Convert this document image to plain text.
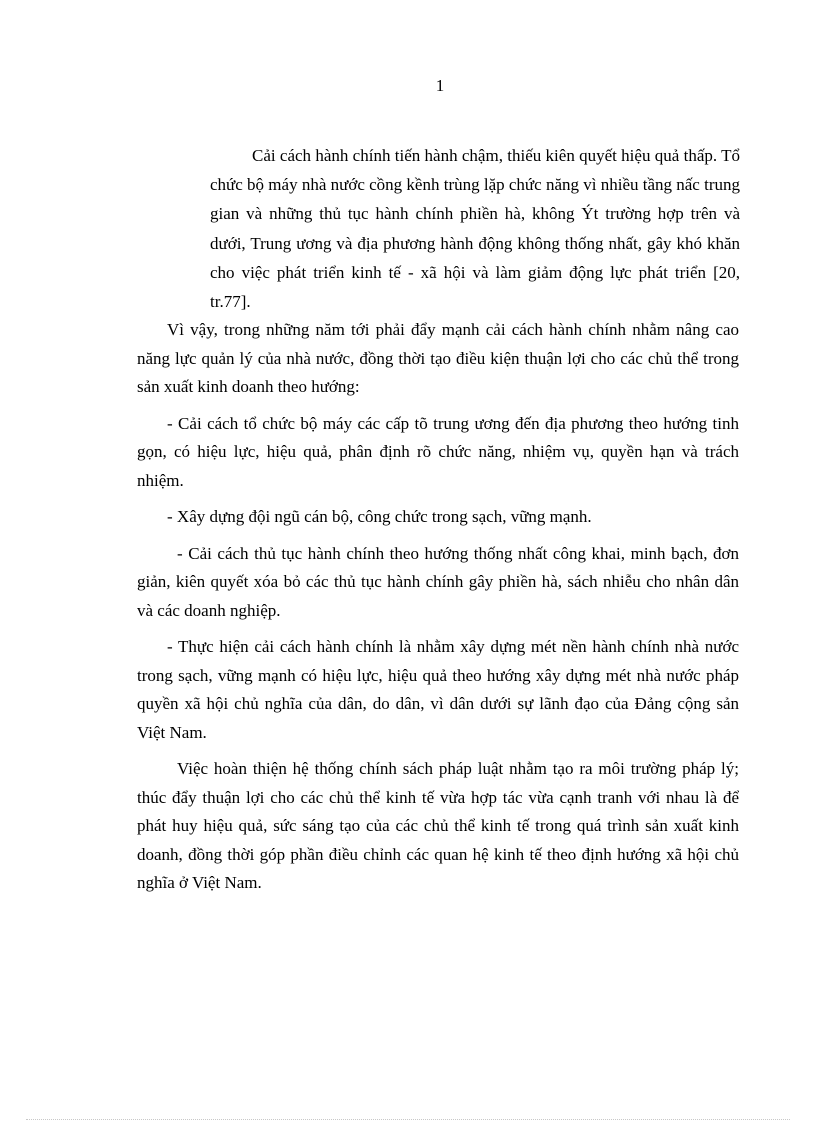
1

Cải cách hành chính tiến hành chậm, thiếu kiên quyết hiệu quả thấp. Tổ chức bộ máy nhà nước cồng kềnh trùng lặp chức năng vì nhiều tầng nấc trung gian và những thủ tục hành chính phiền hà, không Ýt trường hợp trên và dưới, Trung ương và địa phương hành động không thống nhất, gây khó khăn cho việc phát triển kinh tế - xã hội và làm giảm động lực phát triển [20, tr.77].

Vì vậy, trong những năm tới phải đẩy mạnh cải cách hành chính nhằm nâng cao năng lực quản lý của nhà nước, đồng thời tạo điều kiện thuận lợi cho các chủ thể trong sản xuất kinh doanh theo hướng:

- Cải cách tổ chức bộ máy các cấp tõ trung ương đến địa phương theo hướng tinh gọn, có hiệu lực, hiệu quả, phân định rõ chức năng, nhiệm vụ, quyền hạn và trách nhiệm.

- Xây dựng đội ngũ cán bộ, công chức trong sạch, vững mạnh.

- Cải cách thủ tục hành chính theo hướng thống nhất công khai, minh bạch, đơn giản, kiên quyết xóa bỏ các thủ tục hành chính gây phiền hà, sách nhiễu cho nhân dân và các doanh nghiệp.

- Thực hiện cải cách hành chính là nhằm xây dựng mét nền hành chính nhà nước trong sạch, vững mạnh có hiệu lực, hiệu quả theo hướng xây dựng mét nhà nước pháp quyền xã hội chủ nghĩa của dân, do dân, vì dân dưới sự lãnh đạo của Đảng cộng sản Việt Nam.

Việc hoàn thiện hệ thống chính sách pháp luật nhằm tạo ra môi trường pháp lý; thúc đẩy thuận lợi cho các chủ thể kinh tế vừa hợp tác vừa cạnh tranh với nhau là để phát huy hiệu quả, sức sáng tạo của các chủ thể kinh tế trong quá trình sản xuất kinh doanh, đồng thời góp phần điều chỉnh các quan hệ kinh tế theo định hướng xã hội chủ nghĩa ở Việt Nam.
